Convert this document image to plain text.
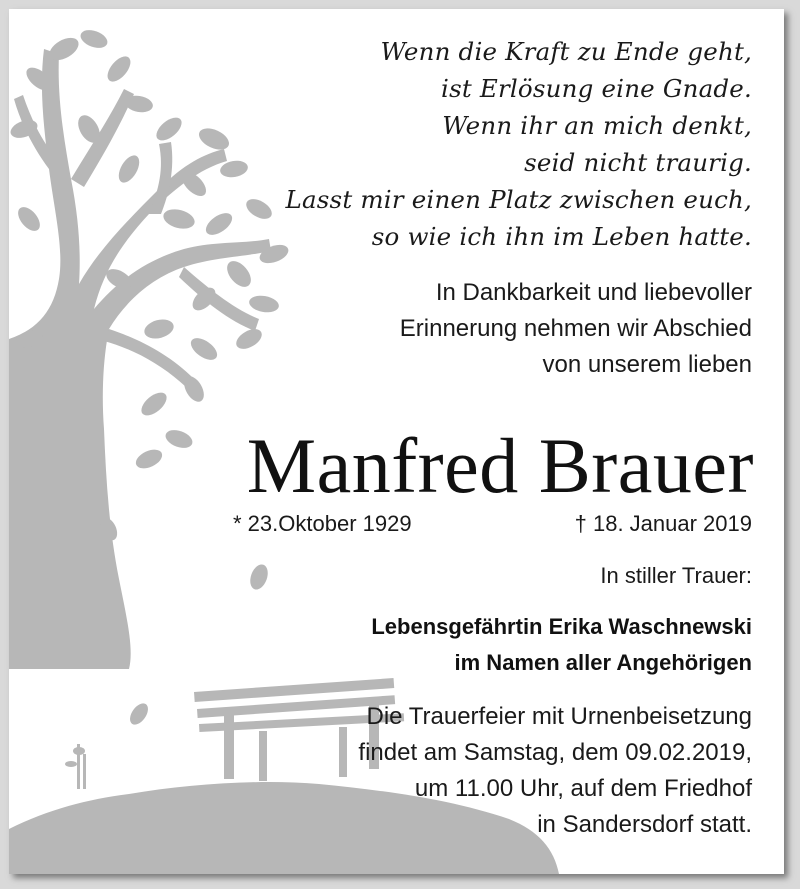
Wenn die Kraft zu Ende geht,
ist Erlösung eine Gnade.
Wenn ihr an mich denkt,
seid nicht traurig.
Lasst mir einen Platz zwischen euch,
so wie ich ihn im Leben hatte.
In Dankbarkeit und liebevoller
Erinnerung nehmen wir Abschied
von unserem lieben
Manfred Brauer
* 23.Oktober 1929	† 18. Januar 2019
In stiller Trauer:
Lebensgefährtin Erika Waschnewski
im Namen aller Angehörigen
Die Trauerfeier mit Urnenbeisetzung
findet am Samstag, dem 09.02.2019,
um 11.00 Uhr, auf dem Friedhof
in Sandersdorf statt.
